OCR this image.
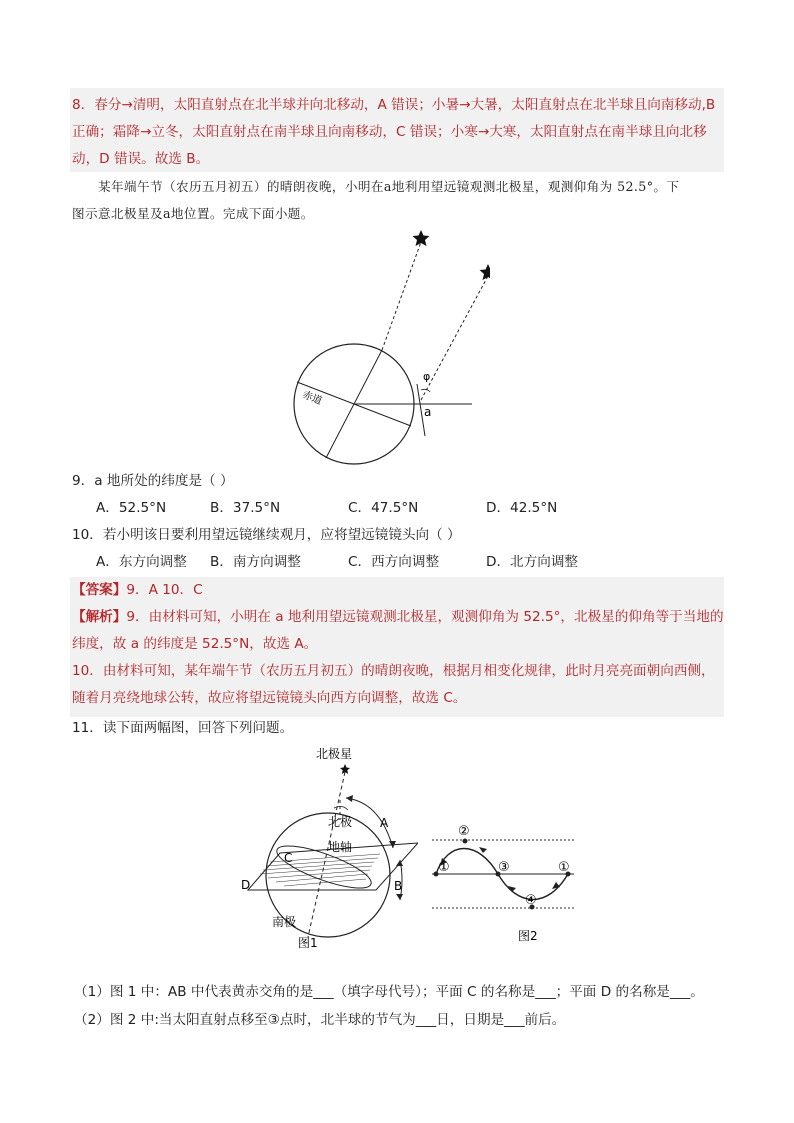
8．春分→清明，太阳直射点在北半球并向北移动，A 错误；小暑→大暑，太阳直射点在北半球且向南移动,B
正确；霜降→立冬，太阳直射点在南半球且向南移动，C 错误；小寒→大寒，太阳直射点在南半球且向北移
动，D 错误。故选 B。
某年端午节（农历五月初五）的晴朗夜晚，小明在a地利用望远镜观测北极星，观测仰角为 52.5°。下
图示意北极星及a地位置。完成下面小题。
赤道
φ
a
9．a 地所处的纬度是（ ）
A．52.5°N	B．37.5°N	C．47.5°N	D．42.5°N
10．若小明该日要利用望远镜继续观月，应将望远镜镜头向（ ）
A．东方向调整 B．南方向调整	C．西方向调整	D．北方向调整
【答案】9．A 10．C
【解析】9．由材料可知，小明在 a 地利用望远镜观测北极星，观测仰角为 52.5°，北极星的仰角等于当地的
纬度，故 a 的纬度是 52.5°N，故选 A。
10．由材料可知，某年端午节（农历五月初五）的晴朗夜晚，根据月相变化规律，此时月亮亮面朝向西侧，
随着月亮绕地球公转，故应将望远镜镜头向西方向调整，故选 C。
11．读下面两幅图，回答下列问题。
北极星
北极
地轴
A
B
C
D
南极
图1
①
②
③
④
①
图2
（1）图 1 中：AB 中代表黄赤交角的是___（填字母代号）；平面 C 的名称是___；平面 D 的名称是___。
（2）图 2 中:当太阳直射点移至③点时，北半球的节气为___日，日期是___前后。
